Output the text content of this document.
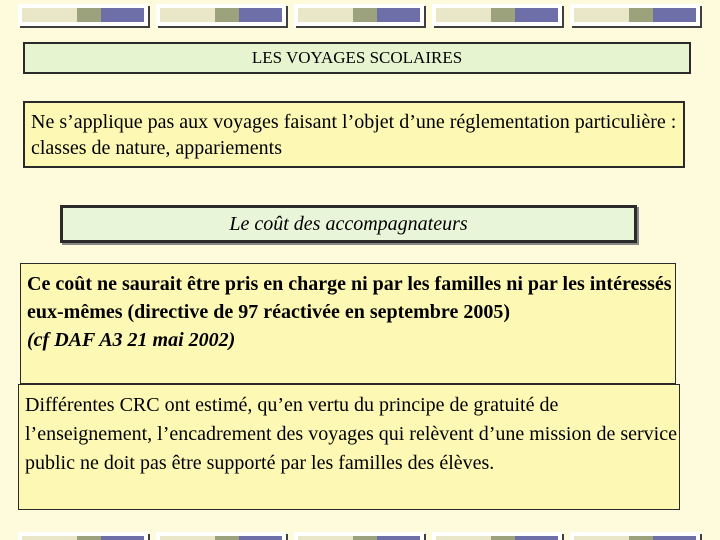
LES VOYAGES SCOLAIRES
Ne s’applique pas aux voyages faisant l’objet d’une réglementation particulière : classes de nature, appariements
Le coût des accompagnateurs
Ce coût ne saurait être pris en charge ni par les familles ni par les intéressés eux-mêmes (directive de 97 réactivée en septembre 2005)
(cf DAF A3 21 mai 2002)
Différentes CRC ont estimé, qu’en vertu du principe de gratuité de l’enseignement, l’encadrement des voyages qui relèvent d’une mission de service public ne doit pas être supporté par les familles des élèves.
